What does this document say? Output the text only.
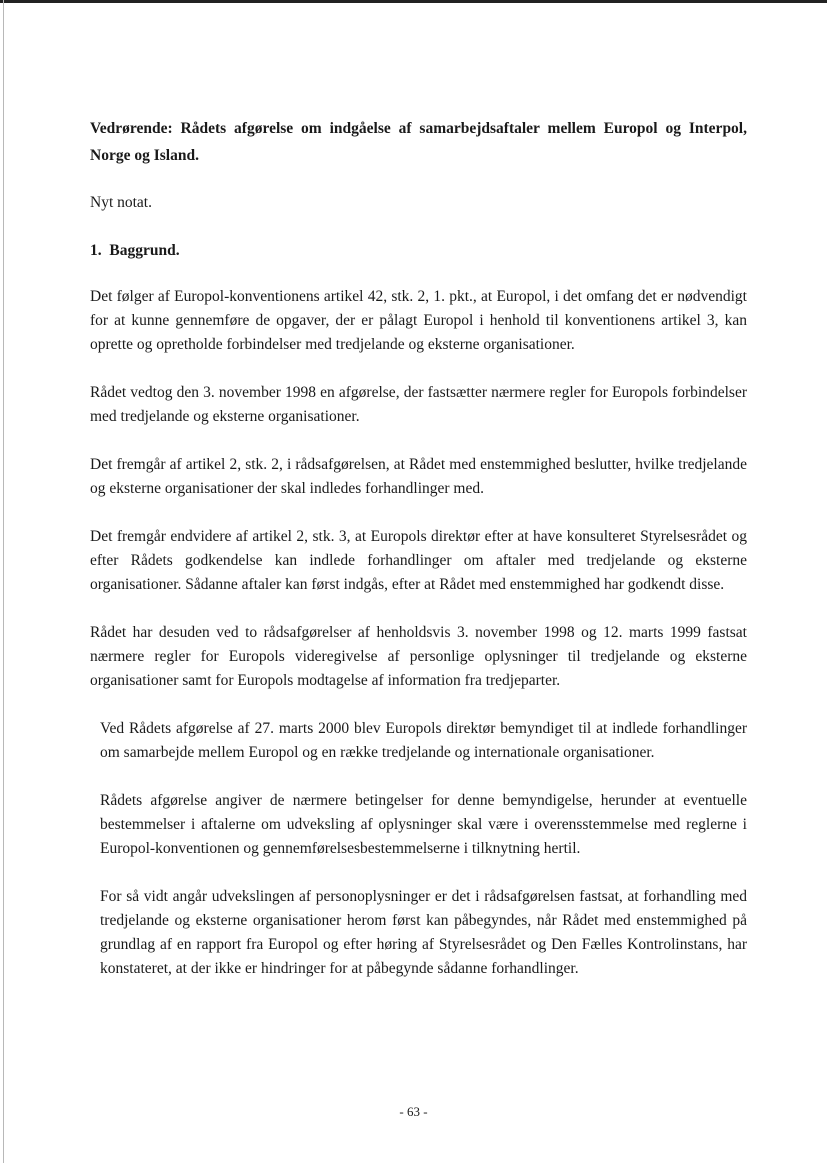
Vedrørende: Rådets afgørelse om indgåelse af samarbejdsaftaler mellem Europol og Interpol, Norge og Island.
Nyt notat.
1. Baggrund.

Det følger af Europol-konventionens artikel 42, stk. 2, 1. pkt., at Europol, i det omfang det er nødvendigt for at kunne gennemføre de opgaver, der er pålagt Europol i henhold til konventionens artikel 3, kan oprette og opretholde forbindelser med tredjelande og eksterne organisationer.

Rådet vedtog den 3. november 1998 en afgørelse, der fastsætter nærmere regler for Europols forbindelser med tredjelande og eksterne organisationer.

Det fremgår af artikel 2, stk. 2, i rådsafgørelsen, at Rådet med enstemmighed beslutter, hvilke tredjelande og eksterne organisationer der skal indledes forhandlinger med.

Det fremgår endvidere af artikel 2, stk. 3, at Europols direktør efter at have konsulteret Styrelsesrådet og efter Rådets godkendelse kan indlede forhandlinger om aftaler med tredjelande og eksterne organisationer. Sådanne aftaler kan først indgås, efter at Rådet med enstemmighed har godkendt disse.

Rådet har desuden ved to rådsafgørelser af henholdsvis 3. november 1998 og 12. marts 1999 fastsat nærmere regler for Europols videregivelse af personlige oplysninger til tredjelande og eksterne organisationer samt for Europols modtagelse af information fra tredjeparter.

Ved Rådets afgørelse af 27. marts 2000 blev Europols direktør bemyndiget til at indlede forhandlinger om samarbejde mellem Europol og en række tredjelande og internationale organisationer.

Rådets afgørelse angiver de nærmere betingelser for denne bemyndigelse, herunder at eventuelle bestemmelser i aftalerne om udveksling af oplysninger skal være i overensstemmelse med reglerne i Europol-konventionen og gennemførelsesbestemmelserne i tilknytning hertil.

For så vidt angår udvekslingen af personoplysninger er det i rådsafgørelsen fastsat, at forhandling med tredjelande og eksterne organisationer herom først kan påbegyndes, når Rådet med enstemmighed på grundlag af en rapport fra Europol og efter høring af Styrelsesrådet og Den Fælles Kontrolinstans, har konstateret, at der ikke er hindringer for at påbegynde sådanne forhandlinger.

- 63 -
